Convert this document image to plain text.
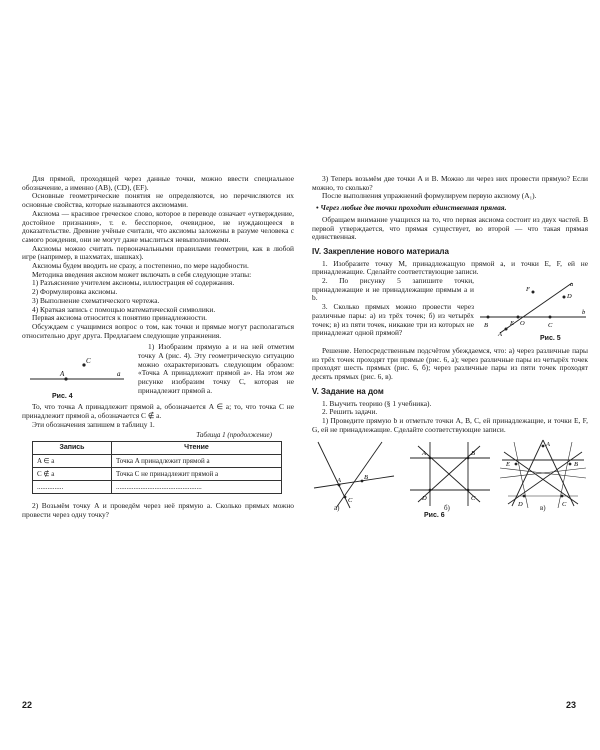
Для прямой, проходящей через данные точки, можно ввести специальное обозначение, а именно (AB), (CD), (EF).

Основные геометрические понятия не определяются, но перечисляются их основные свойства, которые называются аксиомами.

Аксиома — красивое греческое слово, которое в переводе означает «утверждение, достойное признания», т. е. бесспорное, очевидное, не нуждающееся в доказательстве. Древние учёные считали, что аксиомы заложены в разуме человека с самого рождения, они не могут даже мыслиться невыполнимыми.

Аксиомы можно считать первоначальными правилами геометрии, как в любой игре (например, в шахматах, шашках).

Аксиомы будем вводить не сразу, а постепенно, по мере надобности.

Методика введения аксиом может включать в себя следующие этапы:

1) Разъяснение учителем аксиомы, иллюстрация её содержания.

2) Формулировка аксиомы.

3) Выполнение схематического чертежа.

4) Краткая запись с помощью математической символики.

Первая аксиома относится к понятию принадлежности.

Обсуждаем с учащимися вопрос о том, как точки и прямые могут располагаться относительно друг друга. Предлагаем следующие упражнения.

A
C
a
Рис. 4

1) Изобразим прямую a и на ней отметим точку A (рис. 4). Эту геометрическую ситуацию можно охарактеризовать следующим образом: «Точка A принадлежит прямой a». На этом же рисунке изобразим точку C, которая не принадлежит прямой a.

То, что точка A принадлежит прямой a, обозначается A ∈ a; то, что точка C не принадлежит прямой a, обозначается C ∉ a.

Эти обозначения запишем в таблицу 1.

Таблица 1 (продолжение)
Запись	Чтение
A ∈ a	Точка A принадлежит прямой a
C ∉ a	Точка C не принадлежит прямой a
...............	.................................................

2) Возьмём точку A и проведём через неё прямую a. Сколько прямых можно провести через одну точку?

22

3) Теперь возьмём две точки A и B. Можно ли через них провести прямую? Если можно, то сколько?

После выполнения упражнений формулируем первую аксиому (A₁).

• Через любые две точки проходит единственная прямая.

Обращаем внимание учащихся на то, что первая аксиома состоит из двух частей. В первой утверждается, что прямая существует, во второй — что такая прямая единственная.

IV. Закрепление нового материала

1. Изобразите точку M, принадлежащую прямой a, и точки E, F, ей не принадлежащие. Сделайте соответствующие записи.

B	O	C
E
A
F
D
a
b
Рис. 5

2. По рисунку 5 запишите точки, принадлежащие и не принадлежащие прямым a и b.

3. Сколько прямых можно провести через различные пары: а) из трёх точек; б) из четырёх точек; в) из пяти точек, никакие три из которых не принадлежат одной прямой?

Решение. Непосредственным подсчётом убеждаемся, что: а) через различные пары из трёх точек проходят три прямые (рис. 6, а); через различные пары из четырёх точек проходят шесть прямых (рис. 6, б); через различные пары из пяти точек проходят десять прямых (рис. 6, в).

V. Задание на дом

1. Выучить теорию (§ 1 учебника).

2. Решить задачи.

1) Проведите прямую b и отметьте точки A, B, C, ей принадлежащие, и точки E, F, G, ей не принадлежащие. Сделайте соответствующие записи.

A	B
C
A	B
D	C
A
E	B
D	C
а)	б)	в)
Рис. 6
23
